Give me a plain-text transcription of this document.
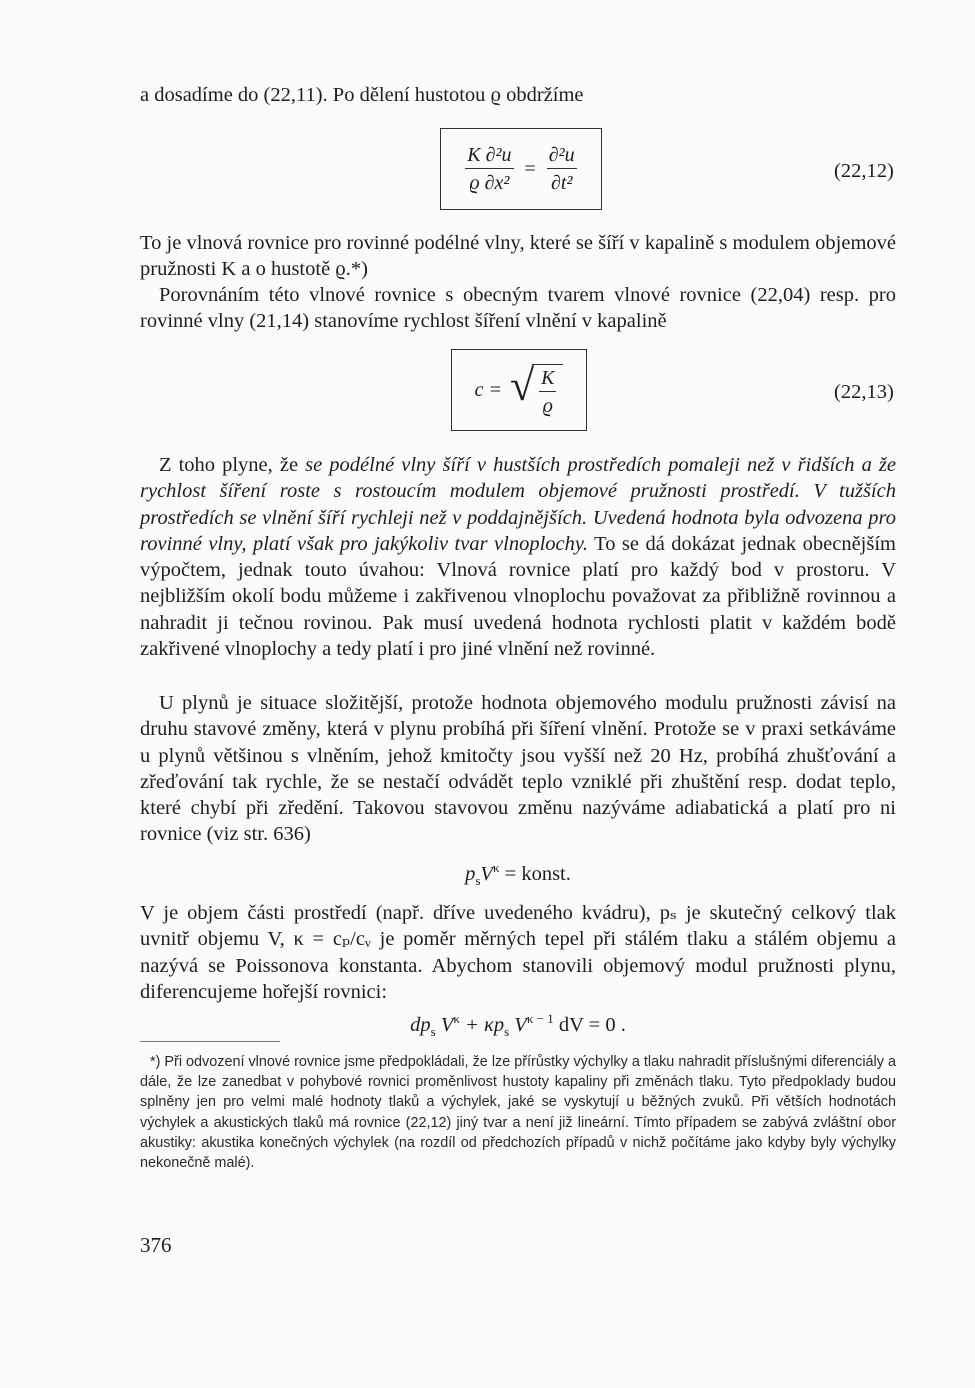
a dosadíme do (22,11). Po dělení hustotou ϱ obdržíme

$\frac{\text{K ∂²u}}{\text{ϱ ∂x²}} = \frac{\text{∂²u}}{\text{∂t²}}$	(22,12)

To je vlnová rovnice pro rovinné podélné vlny, které se šíří v kapalině s modulem objemové pružnosti K a o hustotě ϱ.*)

Porovnáním této vlnové rovnice s obecným tvarem vlnové rovnice (22,04) resp. pro rovinné vlny (21,14) stanovíme rychlost šíření vlnění v kapalině

c = √ $\frac{K}{ϱ}$	(22,13)

Z toho plyne, že se podélné vlny šíří v hustších prostředích pomaleji než v řidších a že rychlost šíření roste s rostoucím modulem objemové pružnosti prostředí. V tužších prostředích se vlnění šíří rychleji než v poddajnějších. Uvedená hodnota byla odvozena pro rovinné vlny, platí však pro jakýkoliv tvar vlnoplochy. To se dá dokázat jednak obecnějším výpočtem, jednak touto úvahou: Vlnová rovnice platí pro každý bod v prostoru. V nejbližším okolí bodu můžeme i zakřivenou vlnoplochu považovat za přibližně rovinnou a nahradit ji tečnou rovinou. Pak musí uvedená hodnota rychlosti platit v každém bodě zakřivené vlnoplochy a tedy platí i pro jiné vlnění než rovinné.

U plynů je situace složitější, protože hodnota objemového modulu pružnosti závisí na druhu stavové změny, která v plynu probíhá při šíření vlnění. Protože se v praxi setkáváme u plynů většinou s vlněním, jehož kmitočty jsou vyšší než 20 Hz, probíhá zhušťování a zřeďování tak rychle, že se nestačí odvádět teplo vzniklé při zhuštění resp. dodat teplo, které chybí při zředění. Takovou stavovou změnu nazýváme adiabatická a platí pro ni rovnice (viz str. 636)

$p_sV^\kappa$ = konst.

V je objem části prostředí (např. dříve uvedeného kvádru), pₛ je skutečný celkový tlak uvnitř objemu V, κ = cₚ/cᵥ je poměr měrných tepel při stálém tlaku a stálém objemu a nazývá se Poissonova konstanta. Abychom stanovili objemový modul pružnosti plynu, diferencujeme hořejší rovnici:

$dp_s$ $V^\kappa + \kappa p_s$ $V^{\kappa - 1}$ dV = 0 .

*) Při odvození vlnové rovnice jsme předpokládali, že lze přírůstky výchylky a tlaku nahradit příslušnými diferenciály a dále, že lze zanedbat v pohybové rovnici proměnlivost hustoty kapaliny při změnách tlaku. Tyto předpoklady budou splněny jen pro velmi malé hodnoty tlaků a výchylek, jaké se vyskytují u běžných zvuků. Při větších hodnotách výchylek a akustických tlaků má rovnice (22,12) jiný tvar a není již lineární. Tímto případem se zabývá zvláštní obor akustiky: akustika konečných výchylek (na rozdíl od předchozích případů v nichž počítáme jako kdyby byly výchylky nekonečně malé).

376
